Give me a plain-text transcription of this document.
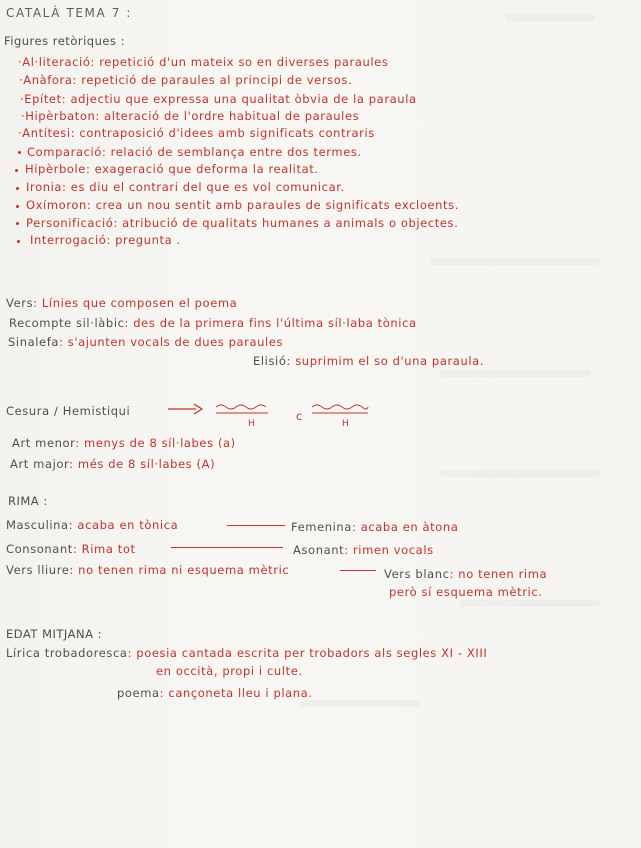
CATALÀ TEMA 7 :
Figures retòriques :
·Al·literació: repetició d'un mateix so en diverses paraules
·Anàfora: repetició de paraules al principi de versos.
·Epítet: adjectiu que expressa una qualitat òbvia de la paraula
·Hipèrbaton: alteració de l'ordre habitual de paraules
·Antítesi: contraposició d'idees amb significats contraris
Comparació: relació de semblança entre dos termes.
Hipèrbole: exageració que deforma la realitat.
Ironia: es diu el contrari del que es vol comunicar.
Oxímoron: crea un nou sentit amb paraules de significats excloents.
Personificació: atribució de qualitats humanes a animals o objectes.
Interrogació: pregunta .
Vers: Línies que composen el poema
Recompte sil·làbic: des de la primera fins l'última síl·laba tònica
Sinalefa: s'ajunten vocals de dues paraules
Elisió: suprimim el so d'una paraula.
Cesura / Hemistiqui
H
c
H
Art menor: menys de 8 síl·labes (a)
Art major: més de 8 síl·labes (A)
RIMA :
Masculina: acaba en tònica	Femenina: acaba en àtona
Consonant: Rima tot	Asonant: rimen vocals
Vers lliure: no tenen rima ni esquema mètric	Vers blanc: no tenen rima
però sí esquema mètric.
EDAT MITJANA :
Lírica trobadoresca: poesia cantada escrita per trobadors als segles XI - XIII
en occità, propi i culte.
poema: cançoneta lleu i plana.
